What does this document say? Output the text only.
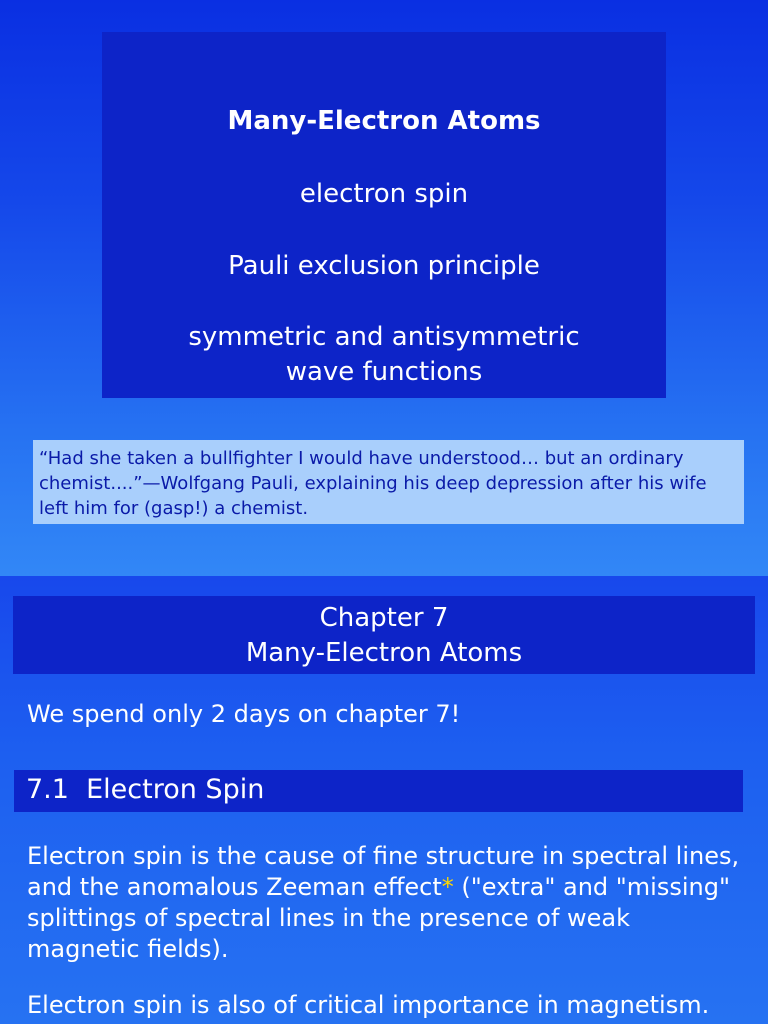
Many-Electron Atoms
electron spin
Pauli exclusion principle
symmetric and antisymmetric
wave functions
“Had she taken a bullfighter I would have understood… but an ordinary
chemist....”—Wolfgang Pauli, explaining his deep depression after his wife
left him for (gasp!) a chemist.
Chapter 7
Many-Electron Atoms
We spend only 2 days on chapter 7!
7.1  Electron Spin
Electron spin is the cause of fine structure in spectral lines, and the anomalous Zeeman effect* ("extra" and "missing" splittings of spectral lines in the presence of weak magnetic fields).
Electron spin is also of critical importance in magnetism.
